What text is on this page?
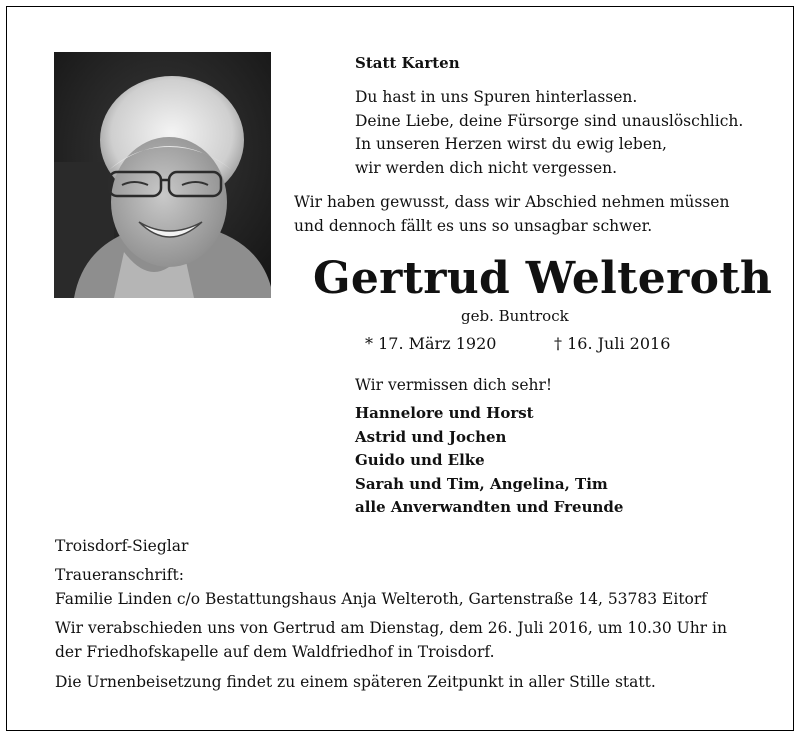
Statt Karten
Du hast in uns Spuren hinterlassen.
Deine Liebe, deine Fürsorge sind unauslöschlich.
In unseren Herzen wirst du ewig leben,
wir werden dich nicht vergessen.
Wir haben gewusst, dass wir Abschied nehmen müssen
und dennoch fällt es uns so unsagbar schwer.
Gertrud Welteroth
geb. Buntrock
* 17. März 1920	† 16. Juli 2016
Wir vermissen dich sehr!
Hannelore und Horst
Astrid und Jochen
Guido und Elke
Sarah und Tim, Angelina, Tim
alle Anverwandten und Freunde
Troisdorf-Sieglar
Traueranschrift:
Familie Linden c/o Bestattungshaus Anja Welteroth, Gartenstraße 14, 53783 Eitorf
Wir verabschieden uns von Gertrud am Dienstag, dem 26. Juli 2016, um 10.30 Uhr in
der Friedhofskapelle auf dem Waldfriedhof in Troisdorf.
Die Urnenbeisetzung findet zu einem späteren Zeitpunkt in aller Stille statt.
